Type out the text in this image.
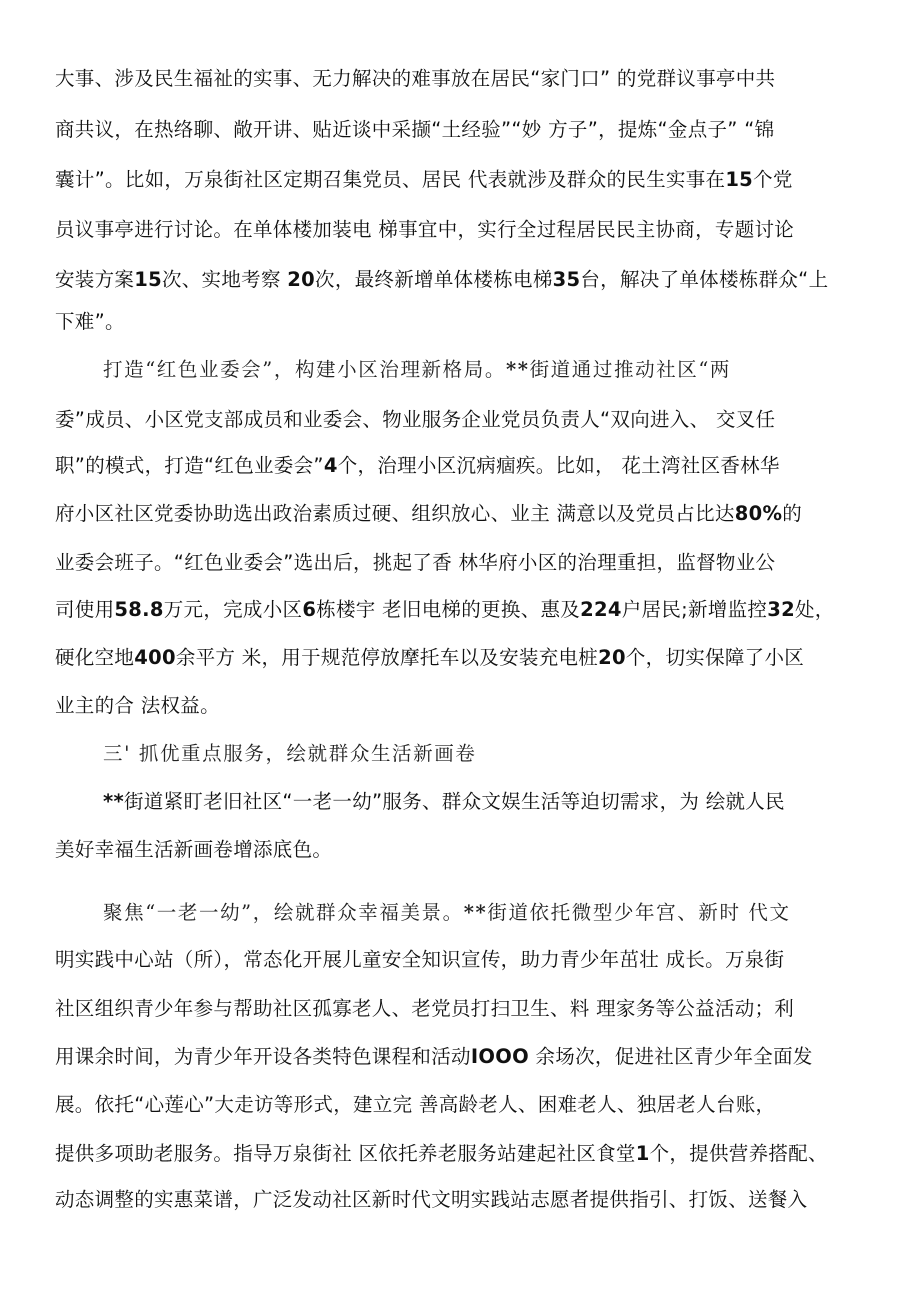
大事、涉及民生福祉的实事、无力解决的难事放在居民“家门口” 的党群议事亭中共
商共议，在热络聊、敞开讲、贴近谈中采撷“土经验”“妙 方子”，提炼“金点子” “锦
囊计”。比如，万泉街社区定期召集党员、居民 代表就涉及群众的民生实事在15个党
员议事亭进行讨论。在单体楼加装电 梯事宜中，实行全过程居民民主协商，专题讨论
安装方案15次、实地考察 20次，最终新增单体楼栋电梯35台，解决了单体楼栋群众“上
下难”。
打造“红色业委会”，构建小区治理新格局。**街道通过推动社区“两
委”成员、小区党支部成员和业委会、物业服务企业党员负责人“双向进入、 交叉任
职”的模式，打造“红色业委会”4个，治理小区沉病痼疾。比如， 花土湾社区香林华
府小区社区党委协助选出政治素质过硬、组织放心、业主 满意以及党员占比达80%的
业委会班子。“红色业委会”选出后，挑起了香 林华府小区的治理重担，监督物业公
司使用58.8万元，完成小区6栋楼宇 老旧电梯的更换、惠及224户居民;新增监控32处，
硬化空地400余平方 米，用于规范停放摩托车以及安装充电桩20个，切实保障了小区
业主的合 法权益。
三' 抓优重点服务，绘就群众生活新画卷
**街道紧盯老旧社区“一老一幼”服务、群众文娱生活等迫切需求，为 绘就人民
美好幸福生活新画卷增添底色。
聚焦“一老一幼”，绘就群众幸福美景。**街道依托微型少年宫、新时 代文
明实践中心站（所），常态化开展儿童安全知识宣传，助力青少年茁壮 成长。万泉街
社区组织青少年参与帮助社区孤寡老人、老党员打扫卫生、料 理家务等公益活动；利
用课余时间，为青少年开设各类特色课程和活动IOOO 余场次，促进社区青少年全面发
展。依托“心莲心”大走访等形式，建立完 善高龄老人、困难老人、独居老人台账，
提供多项助老服务。指导万泉街社 区依托养老服务站建起社区食堂1个，提供营养搭配、
动态调整的实惠菜谱，广泛发动社区新时代文明实践站志愿者提供指引、打饭、送餐入
